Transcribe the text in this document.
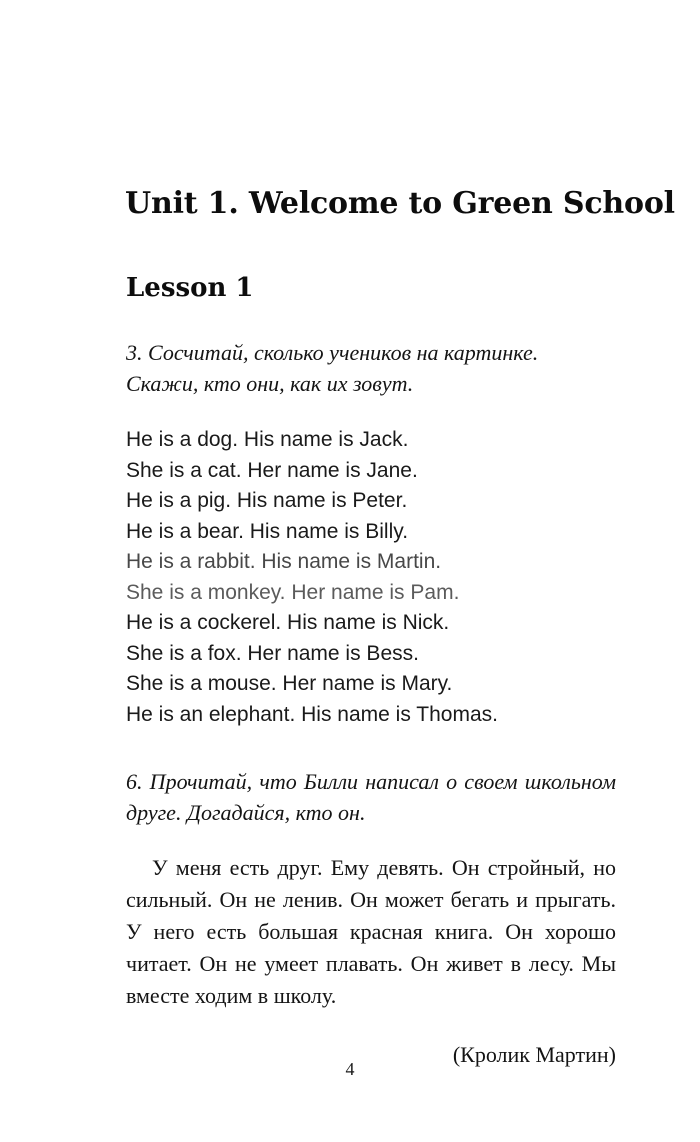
Unit 1. Welcome to Green School
Lesson 1

3. Сосчитай, сколько учеников на картинке. Скажи, кто они, как их зовут.

He is a dog. His name is Jack.
She is a cat. Her name is Jane.
He is a pig. His name is Peter.
He is a bear. His name is Billy.
He is a rabbit. His name is Martin.
She is a monkey. Her name is Pam.
He is a cockerel. His name is Nick.
She is a fox. Her name is Bess.
She is a mouse. Her name is Mary.
He is an elephant. His name is Thomas.

6. Прочитай, что Билли написал о своем школьном друге. Догадайся, кто он.

У меня есть друг. Ему девять. Он стройный, но сильный. Он не ленив. Он может бегать и прыгать. У него есть большая красная книга. Он хорошо читает. Он не умеет плавать. Он живет в лесу. Мы вместе ходим в школу.

(Кролик Мартин)

4
